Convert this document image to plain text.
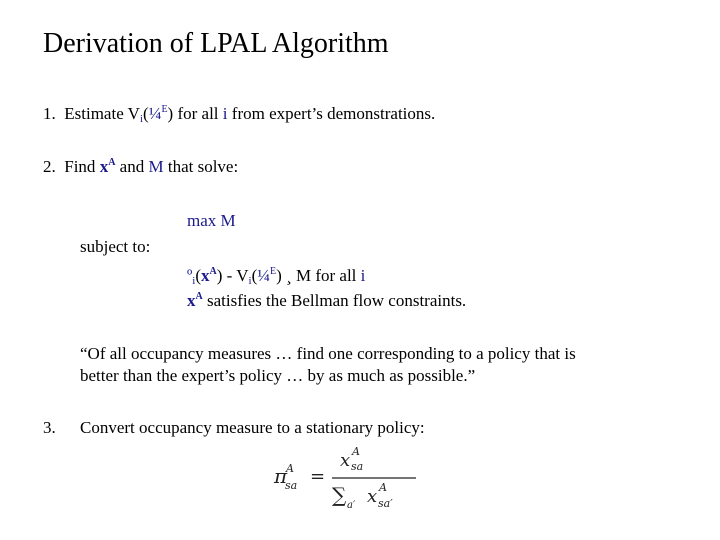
Derivation of LPAL Algorithm
1. Estimate $V_i(\frac{1}{4}^E)$ for all i from expert’s demonstrations.
2. Find $x^A$ and M that solve:
max M
subject to:
$º_i(x^A)$ - $V_i(\frac{1}{4}^E)$ ¸ M for all i
$x^A$ satisfies the Bellman flow constraints.
“Of all occupancy measures … find one corresponding to a policy that is
better than the expert’s policy … by as much as possible.”
3. Convert occupancy measure to a stationary policy:
π
A
sa =
x A
sa
∑ a′ x A
sa′
